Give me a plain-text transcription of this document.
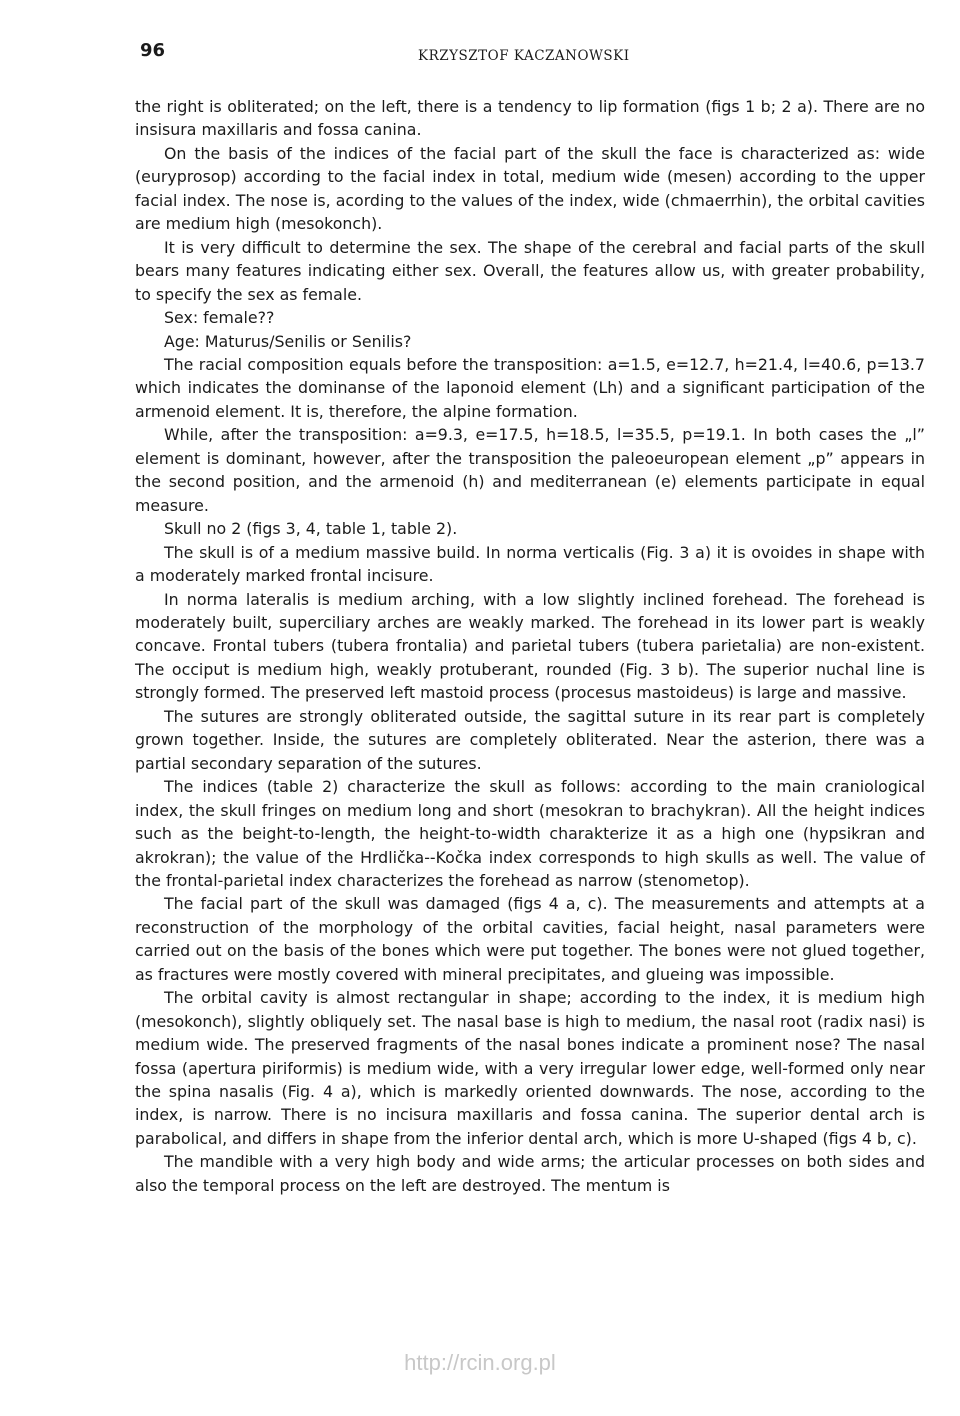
96	KRZYSZTOF KACZANOWSKI

the right is obliterated; on the left, there is a tendency to lip formation (figs 1 b; 2 a). There are no insisura maxillaris and fossa canina.

On the basis of the indices of the facial part of the skull the face is characterized as: wide (euryprosop) according to the facial index in total, medium wide (mesen) according to the upper facial index. The nose is, acording to the values of the index, wide (chmaerrhin), the orbital cavities are medium high (mesokonch).

It is very difficult to determine the sex. The shape of the cerebral and facial parts of the skull bears many features indicating either sex. Overall, the features allow us, with greater probability, to specify the sex as female.

Sex: female??

Age: Maturus/Senilis or Senilis?

The racial composition equals before the transposition: a=1.5, e=12.7, h=21.4, l=40.6, p=13.7 which indicates the dominanse of the laponoid element (Lh) and a significant participation of the armenoid element. It is, therefore, the alpine formation.

While, after the transposition: a=9.3, e=17.5, h=18.5, l=35.5, p=19.1. In both cases the „l” element is dominant, however, after the transposition the paleoeuropean element „p” appears in the second position, and the armenoid (h) and mediterranean (e) elements participate in equal measure.

Skull no 2 (figs 3, 4, table 1, table 2).

The skull is of a medium massive build. In norma verticalis (Fig. 3 a) it is ovoides in shape with a moderately marked frontal incisure.

In norma lateralis is medium arching, with a low slightly inclined forehead. The forehead is moderately built, superciliary arches are weakly marked. The forehead in its lower part is weakly concave. Frontal tubers (tubera frontalia) and parietal tubers (tubera parietalia) are non-existent. The occiput is medium high, weakly protuberant, rounded (Fig. 3 b). The superior nuchal line is strongly formed. The preserved left mastoid process (procesus mastoideus) is large and massive.

The sutures are strongly obliterated outside, the sagittal suture in its rear part is completely grown together. Inside, the sutures are completely obliterated. Near the asterion, there was a partial secondary separation of the sutures.

The indices (table 2) characterize the skull as follows: according to the main craniological index, the skull fringes on medium long and short (mesokran to brachykran). All the height indices such as the beight-to-length, the height-to-width charakterize it as a high one (hypsikran and akrokran); the value of the Hrdlička--Kočka index corresponds to high skulls as well. The value of the frontal-parietal index characterizes the forehead as narrow (stenometop).

The facial part of the skull was damaged (figs 4 a, c). The measurements and attempts at a reconstruction of the morphology of the orbital cavities, facial height, nasal parameters were carried out on the basis of the bones which were put together. The bones were not glued together, as fractures were mostly covered with mineral precipitates, and glueing was impossible.

The orbital cavity is almost rectangular in shape; according to the index, it is medium high (mesokonch), slightly obliquely set. The nasal base is high to medium, the nasal root (radix nasi) is medium wide. The preserved fragments of the nasal bones indicate a prominent nose? The nasal fossa (apertura piriformis) is medium wide, with a very irregular lower edge, well-formed only near the spina nasalis (Fig. 4 a), which is markedly oriented downwards. The nose, according to the index, is narrow. There is no incisura maxillaris and fossa canina. The superior dental arch is parabolical, and differs in shape from the inferior dental arch, which is more U-shaped (figs 4 b, c).

The mandible with a very high body and wide arms; the articular processes on both sides and also the temporal process on the left are destroyed. The mentum is

http://rcin.org.pl
